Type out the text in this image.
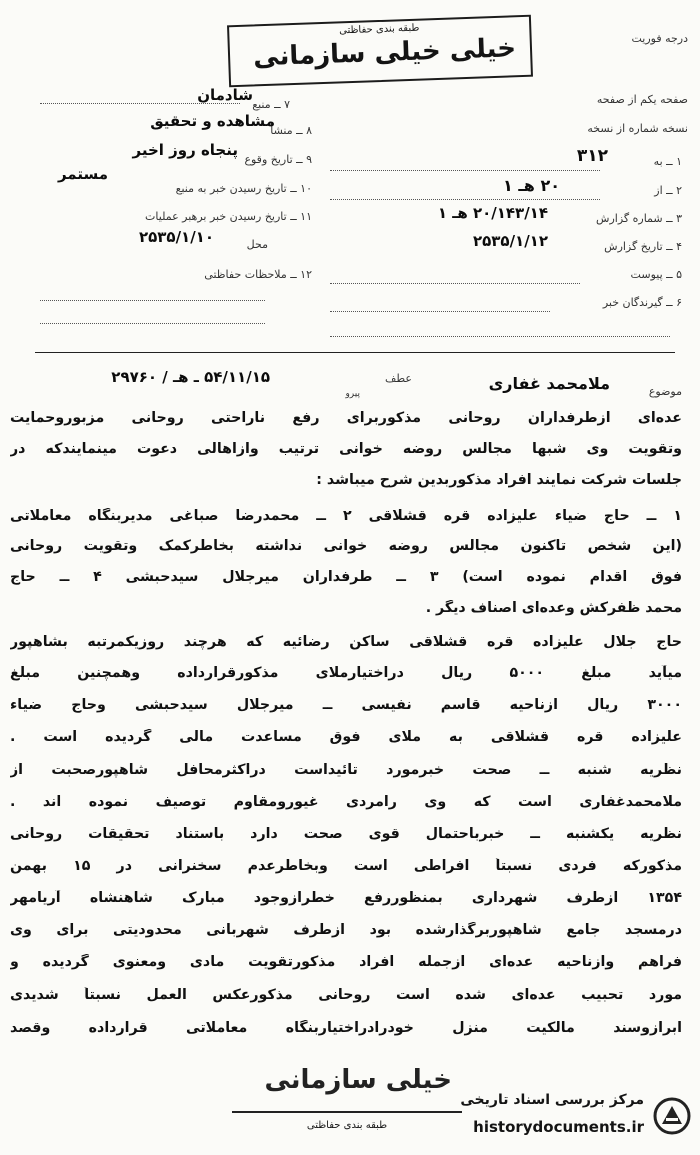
درجه فوریت
طبقه بندی حفاظتی
خیلی خیلی سازمانی
صفحه یکم از صفحه
نسخه شماره از نسخه
۱ ــ به
۳۱۲
۲ ــ از
۲۰ هـ ۱
۳ ــ شماره گزارش
۲۰/۱۴۳/۱۴ هـ ۱
۴ ــ تاریخ گزارش
۲۵۳۵/۱/۱۲
۵ ــ پیوست
۶ ــ گیرندگان خبر
۷ ــ منبع
شادمان
۸ ــ منشأ
مشاهده و تحقیق
۹ ــ تاریخ وقوع
پنجاه روز اخیر
۱۰ ــ تاریخ رسیدن خبر به منبع
مستمر
۱۱ ــ تاریخ رسیدن خبر برهبر عملیات
محل
۲۵۳۵/۱/۱۰
۱۲ ــ ملاحظات حفاظتی
موضوع
ملامحمد غفاری
عطف
پیرو
۵۴/۱۱/۱۵ ـ هـ / ۲۹۷۶۰
عده‌ای ازطرفداران روحانی مذکوربرای رفع ناراحتی روحانی مزبوروحمایت
وتقویت وی شبها مجالس روضه خوانی ترتیب وازاهالی دعوت مینمایندکه در
جلسات شرکت نمایند افراد مذکوربدین شرح میباشد :
۱ ــ حاج ضیاء علیزاده قره قشلاقی ۲ ــ محمدرضا صباغی مدیربنگاه معاملاتی
(این شخص تاکنون مجالس روضه خوانی نداشته بخاطرکمک وتقویت روحانی
فوق اقدام نموده است) ۳ ــ طرفداران میرجلال سیدحبشی ۴ ــ حاج
محمد ظفرکش وعده‌ای اصناف دیگر .
حاج جلال علیزاده قره قشلاقی ساکن رضائیه که هرچند روزیکمرتبه بشاهپور
میآید مبلغ ۵۰۰۰ ریال دراختیارملای مذکورقرارداده وهمچنین مبلغ
۳۰۰۰ ریال ازناحیه قاسم نفیسی ــ میرجلال سیدحبشی وحاج ضیاء
علیزاده قره قشلاقی به ملای فوق مساعدت مالی گردیده است .
نظریه شنبه ــ صحت خبرمورد تائیداست دراکثرمحافل شاهپورصحبت از
ملامحمدغفاری است که وی رامردی غیورومقاوم توصیف نموده اند .
نظریه یکشنبه ــ خبرباحتمال قوی صحت دارد باستناد تحقیقات روحانی
مذکورکه فردی نسبتاً افراطی است وبخاطرعدم سخنرانی در ۱۵ بهمن
۱۳۵۴ ازطرف شهرداری بمنظوررفع خطرازوجود مبارک شاهنشاه آریامهر
درمسجد جامع شاهپوربرگذارشده بود ازطرف شهربانی محدودیتی برای وی
فراهم وازناحیه عده‌ای ازجمله افراد مذکورتقویت مادی ومعنوی گردیده و
مورد تحبیب عده‌ای شده است روحانی مذکورعکس العمل نسبتاً شدیدی
ابرازوسند مالکیت منزل خودرادراختیاربنگاه معاملاتی قرارداده وقصد
خیلی سازمانی
طبقه بندی حفاظتی
مرکز بررسی اسناد تاریخی
historydocuments.ir
